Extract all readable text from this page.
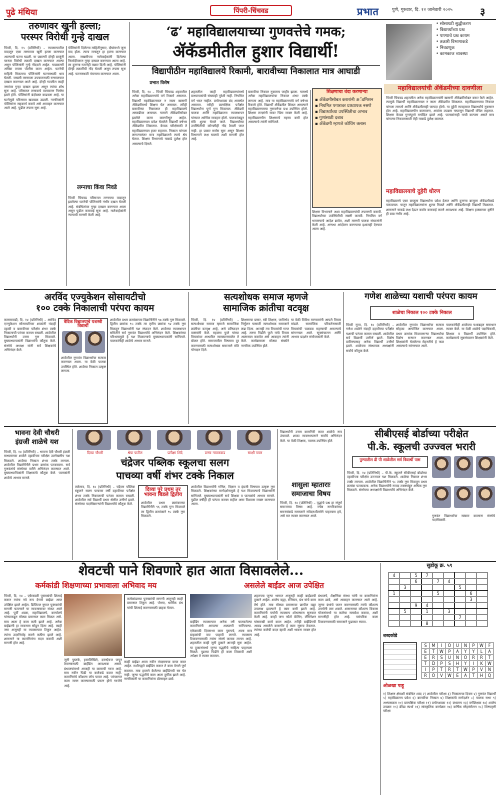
पुढे मंथिया	पिंपरी-चिंचवड	प्रभात	पुणे, गुरुवार, दि. १२ जानेवारी २०२५	३
तरुणावर खुनी हल्ला;
परस्पर विरोधी गुन्हे दाखल
पिंपरी, दि. १५ (प्रतिनिधी) – व्यवसायातील वादातून एका तरुणावर खुनी हल्ला करण्यात आल्याची घटना घडली. या प्रकरणी दोन्ही बाजूंनी परस्पर विरोधी तक्रारी दाखल करण्यात आल्या असून पोलिसांनी गुन्हे नोंदवले आहेत. याप्रकरणी अधिक तपास पोलीस करत आहेत. घटनेची माहिती मिळताच पोलिसांनी घटनास्थळी धाव घेतली. जखमी तरुणाला उपचारासाठी रुग्णालयात दाखल करण्यात आले आहे. दोन्ही गटातील काही जणांवर गुन्हा दाखल झाला असून त्यांचा शोध सुरू आहे. परिसरात तणावाचे वातावरण निर्माण झाले होते. पोलिसांनी बंदोबस्त वाढवला आहे. या घटनेमुळे परिसरात खळबळ उडाली. नागरिकांनी पोलिसांना सहकार्य करावे असे आवाहन करण्यात आले आहे. पुढील तपास सुरू आहे.
पोलिसांनी दिलेल्या माहितीनुसार, दोघांमध्ये जुना वाद होता. त्याच रागातून हा हल्ला करण्यात आला. जखमीच्या नातेवाईकांनी दिलेल्या फिर्यादीवरून गुन्हा दाखल करण्यात आला आहे. तर दुसऱ्या गटानेही तक्रार दिली आहे. पोलिसांनी दोन्ही तक्रारींची नोंद घेतली असून तपास सुरू आहे. घटनास्थळी पंचनामा करण्यात आला.
लग्नाचा किंवा निवडे
पिंपरी चिंचवड परिसरात लग्नाच्या वादातून झालेल्या घटनेची पोलिसांनी गंभीर दखल घेतली आहे. संबंधितांवर गुन्हा दाखल करण्यात आला असून पुढील कारवाई सुरू आहे. नातेवाईकांनी न्यायाची मागणी केली आहे.
‘ढ’ महाविद्यालयाच्या गुणवत्तेचे गमक;
ॲकॅडमीतील हुशार विद्यार्थी!
विद्यापीठीन महाविद्यालये रिकामी, बारावीच्या निकालात मात्र आघाडी
प्रभात विशेष
पिंपरी, दि. १४ – पिंपरी चिंचवड शहरातील अनेक महाविद्यालयांचे वर्ग रिकामे असतात. विद्यार्थी महाविद्यालयात न जाता खासगी ॲकॅडमीमध्ये शिक्षण घेत असतात. तरीही बारावीच्या निकालात ही महाविद्यालये आघाडीवर असतात. यामागे ॲकॅडमीसोबत झालेले करार कारणीभूत आहेत. महाविद्यालयात प्रवेश घेतलेले विद्यार्थी वर्षभर ॲकॅडमीत शिकतात. केवळ परीक्षेसाठी ते महाविद्यालयात हजर राहतात. निकाल चांगला लागल्यानंतर मात्र महाविद्यालये त्याचे श्रेय घेतात. शिक्षण विभागाचे याकडे दुर्लक्ष होत असल्याचे दिसते.
शहरातील काही महाविद्यालयांमध्ये प्राध्यापकांची संख्याही पुरेशी नाही. नियमित वर्ग भरत नाहीत. प्रयोगशाळा बंद अवस्थेत असतात. तरीही प्रात्यक्षिक परीक्षेत विद्यार्थ्यांना पूर्ण गुण मिळतात. ॲकॅडमी चालक आणि महाविद्यालय व्यवस्थापन यांच्यात आर्थिक व्यवहार होतो. पालकांकडून मोठे शुल्क घेतले जाते. विद्यार्थ्यांच्या उपस्थितीची कोणतीही नोंद ठेवली जात नाही. हा प्रकार सर्रास सुरू असून शिक्षण विभागाने लक्ष घालावे अशी मागणी होत आहे.
बारावीचा निकाल नुकताच जाहीर झाला. यामध्ये अनेक महाविद्यालयांचा निकाल शंभर टक्के लागला आहे. मात्र या महाविद्यालयांचे वर्ग वर्षभर रिकामे होते. विद्यार्थी ॲकॅडमीत शिकत असल्याने महाविद्यालयाच्या गुणवत्तेचा प्रश्न उपस्थित होतो. शिक्षण तज्ज्ञांनी यावर चिंता व्यक्त केली आहे. महाविद्यालयीन शिक्षणाचे महत्त्व कमी होत असल्याचे त्यांनी सांगितले.
शिक्षणाचा धंदा करणाऱ्या
▪ ॲकॅडमीसोबत करारांनी अॅडमिशन
▪ नियमित पगारावर प्राध्यापक नसणे
▪ विद्यार्थ्यांच्या उपस्थितीचा अभाव
▪ गुणांसाठी दबाव
▪ ॲकॅडमी म्हणजे कोचिंग क्लास
शिक्षण विभागाने अशा महाविद्यालयांची तपासणी करावी. विद्यार्थ्यांच्या उपस्थितीची सक्ती करावी. नियमित वर्ग भरवण्याचे आदेश द्यावेत, अशी मागणी पालक संघटनांनी केली आहे. अन्यथा आंदोलन करण्याचा इशाराही देण्यात आला आहे.
• सोसायटी सुद्धीकरण
• विद्यार्थ्यांच्या प्रश्न
• पाण्याचे प्रश्न कायम
• तक्रारी विभागाकडे
• निवडणूक
• कामकाज व्यवस्था
महाविद्यालयांची ॲकॅडमीच्या दावणीला
पिंपरी चिंचवड शहरातील अनेक महाविद्यालयांनी खासगी ॲकॅडमींसोबत करार केले आहेत. त्यामुळे विद्यार्थी महाविद्यालयात न जाता ॲकॅडमीत शिकतात. महाविद्यालयाचा निकाल चांगला लागतो आणि ॲकॅडमीलाही फायदा होतो. या दुहेरी व्यवहारात विद्यार्थ्यांचे नुकसान होत आहे. महाविद्यालयीन वातावरण, अवांतर उपक्रम यापासून विद्यार्थी वंचित राहतात. शिक्षण केवळ गुणांपुरते मर्यादित झाले आहे. पालकांनाही याची कल्पना असते मात्र चांगल्या निकालासाठी तेही याकडे दुर्लक्ष करतात.
महाविद्यालयाचे दुहेरी धोरण
महाविद्यालये एका बाजूला विद्यार्थ्यांना प्रवेश देतात आणि दुसऱ्या बाजूला ॲकॅडमीकडे पाठवतात. यातून महाविद्यालयांना शुल्क मिळते आणि ॲकॅडमीलाही विद्यार्थी मिळतात. शासनाने याकडे लक्ष देऊन कठोर कारवाई करणे आवश्यक आहे. शिक्षण हक्काच्या दृष्टीने ही बाब गंभीर आहे.
अरविंद एज्युकेशन सोसायटीचो
१०० टक्के निकालाची परंपरा कायम
कासारवाडी, दि. १४ (प्रतिनिधी) – अरविंद एज्युकेशन सोसायटीच्या शाळांनी यंदाही दहावी व बारावीच्या परीक्षेत शंभर टक्के निकालाची परंपरा कायम राखली. शाळेतील विद्यार्थ्यांनी उत्तम गुण मिळवले. मुख्याध्यापकांनी विद्यार्थ्यांचे कौतुक केले. संस्थेचे अध्यक्ष यांनी सर्व शिक्षकांचे अभिनंदन केले.
वैदिक विद्यालयाचे यशस्वी विद्यार्थी
शाळेतील गुणवंत विद्यार्थ्यांचा सत्कार करण्यात आला. या वेळी पालक उपस्थित होते. शाळेचा निकाल उत्कृष्ट लागला.
शाळेतील प्रथम क्रमांकाच्या विद्यार्थिनीने ९७ टक्के गुण मिळवले. द्वितीय क्रमांक ९५ टक्के तर तृतीय क्रमांक ९४ टक्के गुण मिळवून विद्यार्थ्यांनी यश संपादन केले. शाळेच्या व्यवस्थापन समितीने सर्व गुणवंत विद्यार्थ्यांचे अभिनंदन केले. शिक्षकांच्या परिश्रमामुळे हे यश मिळाल्याचे मुख्याध्यापकांनी सांगितले. पालकांनीही शाळेचे आभार मानले.
सत्यशोधक समाज म्हणजे
सामाजिक क्रांतीचा वटवृक्ष
पिंपरी, दि. १४ (प्रतिनिधी) – सत्यशोधक समाज म्हणजे सामाजिक क्रांतीचा वटवृक्ष आहे, असे प्रतिपादन वक्त्यांनी केले. महात्मा फुले यांच्या विचारांवर आधारित व्याख्यानमालेत ते बोलत होते. समाजातील विषमता दूर करण्यासाठी सत्यशोधक समाजाने मोठे योगदान दिले.
शिक्षणाचा प्रसार, स्त्री शिक्षण, जातिभेद निर्मूलन यासाठी सत्यशोधक समाजाने लढा दिला. आजही त्या विचारांची गरज आहे. तरुण पिढीने फुले यांचे विचार आत्मसात करावेत असे आवाहन त्यांनी केले. कार्यक्रमाला मोठ्या संख्येने नागरिक उपस्थित होते.
या वेळी विविध मान्यवरांनी आपले विचार मांडले. सामाजिक परिवर्तनासाठी विचारांची चळवळ महत्त्वाची असल्याचे सांगण्यात आले. सूत्रसंचालन आणि आभार प्रदर्शन संयोजकांनी केले.
गणेश शाळेच्या यशाची परंपरा कायम
शाळेचा निकाल १०० टक्के निकाल
पिंपरी गुरव, दि. १४ (प्रतिनिधी) – गणेश शाळेने यंदाही दहावीच्या परीक्षेत यशाची परंपरा कायम राखली. शाळेतील सर्व विद्यार्थी उत्तीर्ण झाले. विशेष प्राविण्यासह अनेक विद्यार्थी उत्तीर्ण झाले. शाळेच्या संस्थापक अध्यक्षांनी सर्वांचे कौतुक केले.
शाळेतील गुणवंत विद्यार्थ्यांचा सत्कार सोहळा आयोजित करण्यात आला. प्रथम क्रमांक मिळवणाऱ्या विद्यार्थ्याचा विशेष सन्मान करण्यात आला. शिक्षकांनी घेतलेल्या मेहनतीचे हे फळ असल्याचे सांगण्यात आले.
पालकांनीही शाळेच्या यशाबद्दल समाधान व्यक्त केले. या वेळी शाळेचे पदाधिकारी, शिक्षक व विद्यार्थी उपस्थित होते. कार्यक्रमाचे सूत्रसंचालन शिक्षकांनी केले.
भावना देवी चौधरी
इंग्रजी शाळेचे यश
पिंपरी, दि. १४ (प्रतिनिधी) – भावना देवी चौधरी इंग्रजी माध्यमाच्या शाळेने दहावीच्या परीक्षेत उल्लेखनीय यश मिळवले. शाळेचा निकाल शंभर टक्के लागला. शाळेतील विद्यार्थिनीने प्रथम क्रमांक पटकावला. सर्व गुणवंतांचे संस्थेच्या वतीने अभिनंदन करण्यात आले. मुख्याध्यापिकांनी शिक्षकांचे कौतुक केले. पालकांनी शाळेचे आभार मानले.
दिव्या चौधरी	श्रेया पाटील	प्रतीक्षा शिंदे	प्रणव गायकवाड	साक्षी पवार
चंद्रेजर पब्लिक स्कूलचा सलग
पाचव्या वर्षी शंभर टक्के निकाल
तळेगाव, दि. १४ (प्रतिनिधी) – चंद्रेजर पब्लिक स्कूलने सलग पाचव्या वर्षी दहावीच्या परीक्षेत शंभर टक्के निकालाची परंपरा कायम राखली. शाळेतील सर्व विद्यार्थी प्रथम श्रेणीत उत्तीर्ण झाले. संस्थेच्या पदाधिकाऱ्यांनी विद्यार्थ्यांचे कौतुक केले.
दिव्या पुरे प्रथम तर भावना बिडले द्वितीय
शाळेतील प्रथम क्रमांकाच्या विद्यार्थिनीने ९६ टक्के गुण मिळवले तर द्वितीय क्रमांकाने ९५ टक्के गुण मिळवले.
शाळेतील विद्यार्थ्यांनी गणित, विज्ञान व इंग्रजी विषयात उत्कृष्ट गुण मिळवले. शिक्षकांच्या मार्गदर्शनामुळे हे यश मिळाल्याचे विद्यार्थ्यांनी सांगितले. मुख्याध्यापकांनी सर्व शिक्षक व पालकांचे आभार मानले. पुढील वर्षीही ही परंपरा कायम राहील असा विश्वास व्यक्त करण्यात आला.
शासुला म्हाताराः
समाजाचा विषय
पिंपरी, दि. १४ (प्रतिनिधी) – वृद्धांचे प्रश्न हा संपूर्ण समाजाचा विषय आहे. ज्येष्ठ नागरिकांच्या समस्यांकडे समाजाने संवेदनशीलतेने पाहायला हवे, असे मत व्यक्त करण्यात आले.
विद्यार्थ्यांनी उत्तम कामगिरी करत शाळेचे नाव उंचावले. शाळा व्यवस्थापनाने सर्वांचे अभिनंदन केले. या वेळी शिक्षक, पालक उपस्थित होते.
सीबीएसई बोर्डाच्या परीक्षेत
पी.के. स्कूलची उज्ज्वल भरारी
पुण्यातील डी पी शाळेतील सर्व विद्यार्थी पास
पिंपरी, दि. १४ (प्रतिनिधी) – पी.के. स्कूलने सीबीएसई बोर्डाच्या दहावीच्या परीक्षेत उज्ज्वल यश मिळवले. शाळेचा निकाल शंभर टक्के लागला. शाळेतील विद्यार्थिनीने ९८ टक्के गुण मिळवून प्रथम क्रमांक पटकावला. अनेक विद्यार्थ्यांनी नव्वद टक्क्यांहून अधिक गुण मिळवले. संस्थेच्या अध्यक्षांनी विद्यार्थ्यांचे अभिनंदन केले.
गुणवंत विद्यार्थ्यांचा सत्कार करताना संस्थेचे पदाधिकारी.
शेवटची पाने शिवणारे हात आता विसावलेले...
कर्मकांडी शिक्षणाच्या प्रभावाला अभिवाद मय	असलेले बाईंडर आज उपेक्षित
पिंपरी, दि. १४ – एकेकाळी पुस्तकांची शिलाई करून त्यांना नवे रूप देणारे बाईंडर आज उपेक्षित झाले आहेत. डिजिटल युगात पुस्तकांची मागणी घटल्याने या व्यवसायावर संकट आले आहे. पूर्वी शाळा, महाविद्यालये, कार्यालये यांच्याकडून मोठ्या प्रमाणात काम मिळत असे. मात्र आता हे काम कमी झाले आहे. अनेक बाईंडरनी हा व्यवसाय सोडून दिला आहे. काही जण अजूनही या व्यवसायात टिकून आहेत. त्यांना उदरनिर्वाह करणे कठीण झाले आहे. शासनाने या कारागिरांना मदत करावी अशी मागणी होत आहे.
जुनी पुस्तके, हस्तलिखिते, दस्तऐवज जपून ठेवण्यासाठी बाईंडिंग आवश्यक असते. ग्रंथालयांमध्ये आजही या कामाची गरज आहे. मात्र नवीन पिढी या कलेकडे वळत नाही. कारागिरांचे कौशल्य लोप पावत आहे. परंपरागत कला जतन करण्यासाठी प्रयत्न होणे गरजेचे आहे.
कर्मकांडाच्या पुस्तकांची मागणी अजूनही काही प्रमाणात टिकून आहे. पोथ्या, धार्मिक ग्रंथ यांची शिलाई करण्यासाठी ग्राहक येतात.
काही बाईंडर आता नवीन तंत्रज्ञानाचा वापर करत आहेत. मशीनद्वारे बाईंडिंग करून ते काम वेगाने पूर्ण करतात. मात्र हाताने केलेल्या बाईंडिंगची सर येत नाही. जुन्या पद्धतीचे काम आता दुर्मीळ झाले आहे. नागरिकांनी या कारागिरांना प्रोत्साहन द्यावे.
बाईंडिंग व्यवसायात अनेक वर्षे घालवलेल्या कारागिरांनी आपल्या आठवणी सांगितल्या. एकेकाळी दिवसभर काम पुरायचे, आता मात्र ग्राहकांची वाट पाहावी लागते. व्यवसाय टिकवण्यासाठी त्यांना संघर्ष करावा लागत आहे. शहरातील काही जुनी दुकाने आजही सुरू आहेत. या दुकानांमध्ये जुन्या पद्धतीचे साहित्य पाहायला मिळते. पुढच्या पिढीने ही कला शिकावी अशी अपेक्षा ते व्यक्त करतात.
शहराच्या जुन्या भागात अजूनही काही बाईंडरची दुकाने आहेत. शालेय वह्या, रजिस्टर, ग्रंथ यांचे काम तेथे होते. मात्र मोठ्या प्रमाणावर छापील वह्या उपलब्ध झाल्याने हे काम कमी झाले आहे. कारागिरांनी पर्यायी व्यवसाय शोधण्यास सुरुवात केली आहे. काही जण फोटो फ्रेमिंग, लॅमिनेशन यांसारखी कामे करत आहेत. तरीही बाईंडिंगची आवड असलेले कारागीर हे काम सुरूच ठेवतात. त्यांच्या कलेची कदर व्हावी अशी भावना व्यक्त होत आहे.
ग्रंथालये, शैक्षणिक संस्था यांनी या कारागिरांना काम द्यावे, असे आवाहन करण्यात आले आहे. जुन्या ग्रंथांचे जतन करण्यासाठी त्यांचे कौशल्य उपयोगी ठरू शकते. शासनाच्या कौशल्य विकास योजनांमध्ये या कलेचा समावेश करावा, अशी मागणीही होत आहे. पारंपरिक कला टिकवण्यासाठी समाजाने पुढाकार घ्यावा.
सुडोकू क्र. ५९
4		5	7					
		6		7	4			
	3					5		
1				5			6	
							3	
		9	4					
	5		1		3			
						7		
			8					
शब्दकोडे
S	M	I	O	U	N	P	W	F
E	T	W	P	A	Y	Y	L	A
E	R	S	U	N	O	R	R	T
T	D	P	S	H	Y	I	K	W
I	P	T	R	T	W	P	V	N
R	O	V	W	E	A	T	H	Q
ओळखा पाहू
१) शिक्षण क्षेत्राशी संबंधित शब्द २) शाळेतील परीक्षा ३) निकालाचा दिवस ४) गुणवंत विद्यार्थी ५) महाविद्यालय प्रवेश ६) बारावीचा निकाल ७) शिक्षकांचे मार्गदर्शन ८) पालक सभा ९) अभ्यासक्रम १०) प्रात्यक्षिक परीक्षा ११) प्रयोगशाळा १२) ग्रंथालय १३) वर्गशिक्षक १४) शालेय उपक्रम १५) क्रीडा स्पर्धा १६) सांस्कृतिक कार्यक्रम १७) वार्षिक स्नेहसंमेलन १८) शिष्यवृत्ती परीक्षा
